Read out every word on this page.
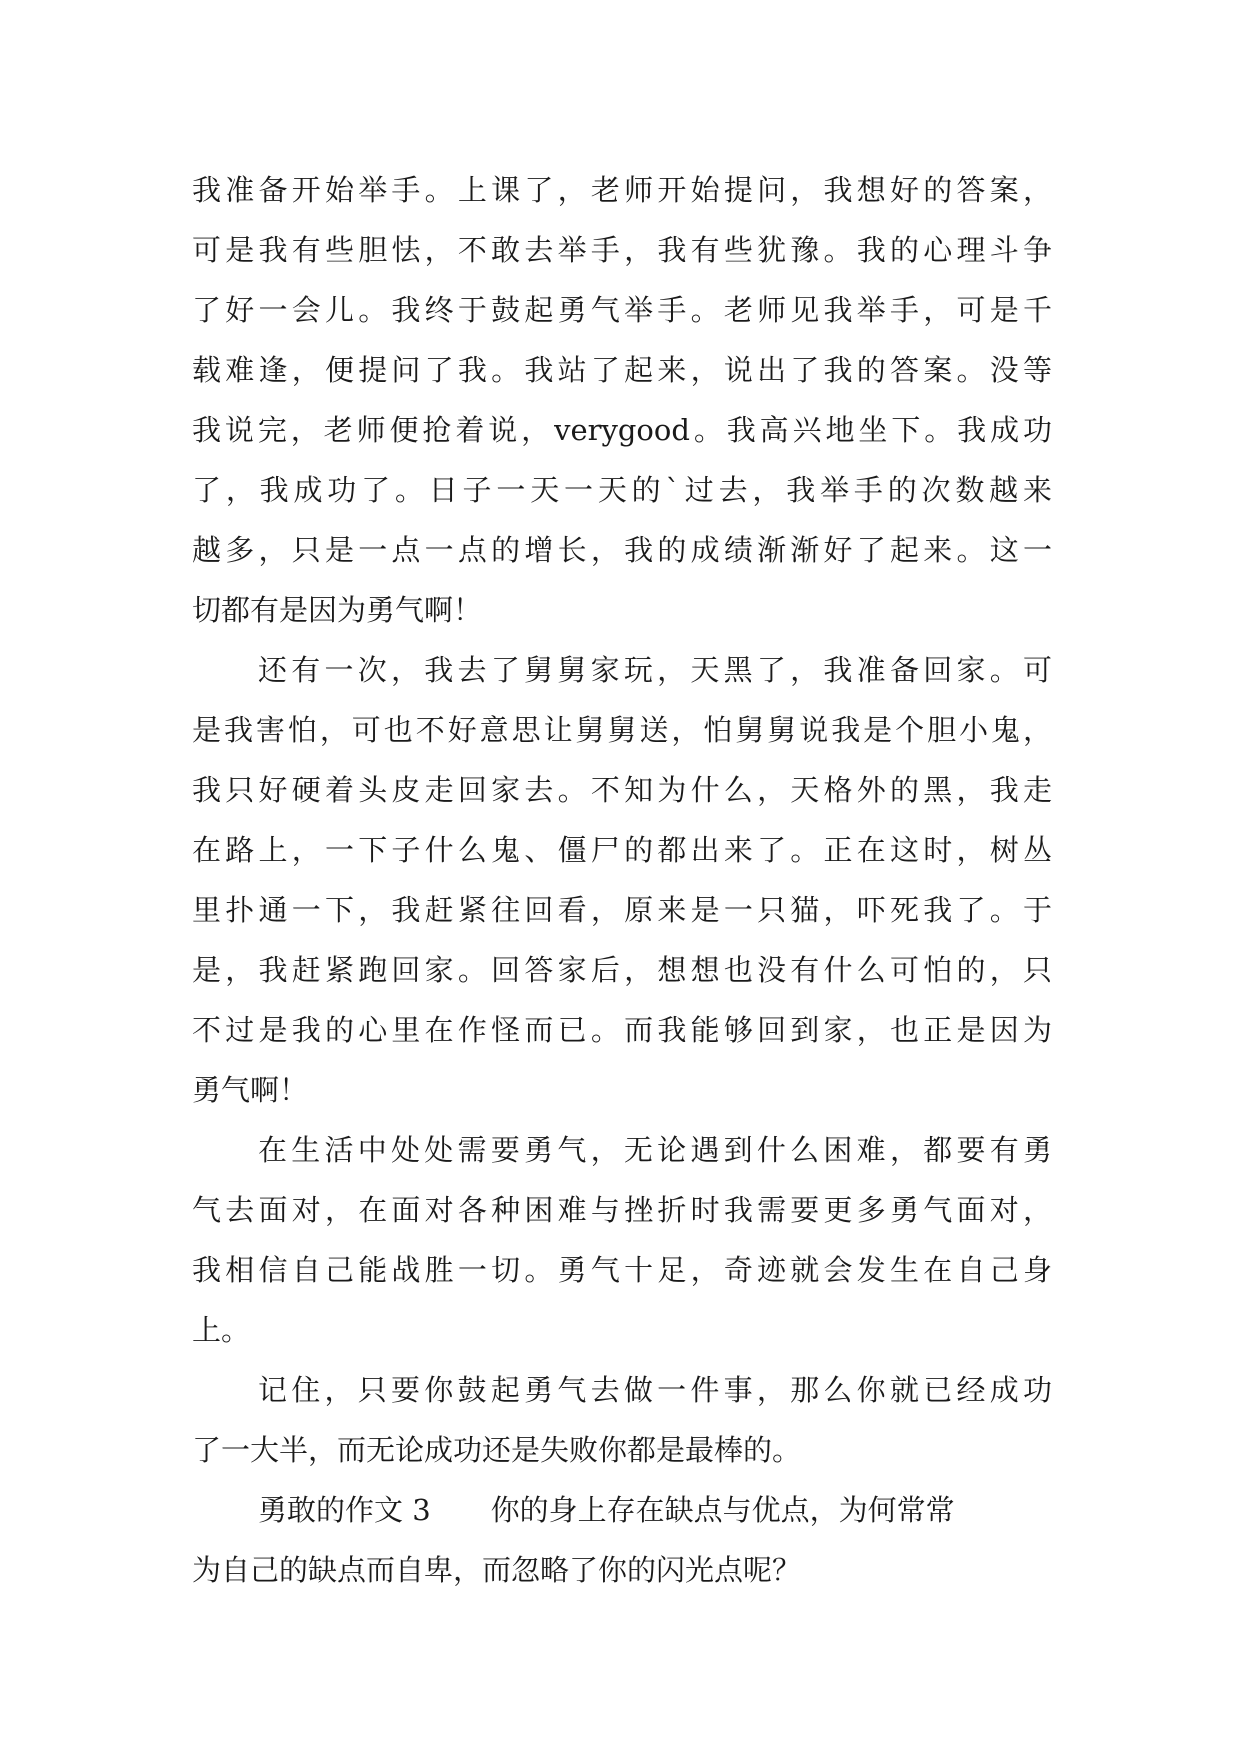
我准备开始举手。上课了，老师开始提问，我想好的答案，
可是我有些胆怯，不敢去举手，我有些犹豫。我的心理斗争
了好一会儿。我终于鼓起勇气举手。老师见我举手，可是千
载难逢，便提问了我。我站了起来，说出了我的答案。没等
我说完，老师便抢着说，verygood。我高兴地坐下。我成功
了，我成功了。日子一天一天的`过去，我举手的次数越来
越多，只是一点一点的增长，我的成绩渐渐好了起来。这一
切都有是因为勇气啊！
还有一次，我去了舅舅家玩，天黑了，我准备回家。可
是我害怕，可也不好意思让舅舅送，怕舅舅说我是个胆小鬼，
我只好硬着头皮走回家去。不知为什么，天格外的黑，我走
在路上，一下子什么鬼、僵尸的都出来了。正在这时，树丛
里扑通一下，我赶紧往回看，原来是一只猫，吓死我了。于
是，我赶紧跑回家。回答家后，想想也没有什么可怕的，只
不过是我的心里在作怪而已。而我能够回到家，也正是因为
勇气啊！
在生活中处处需要勇气，无论遇到什么困难，都要有勇
气去面对，在面对各种困难与挫折时我需要更多勇气面对，
我相信自己能战胜一切。勇气十足，奇迹就会发生在自己身
上。
记住，只要你鼓起勇气去做一件事，那么你就已经成功
了一大半，而无论成功还是失败你都是最棒的。
勇敢的作文 3 你的身上存在缺点与优点，为何常常
为自己的缺点而自卑，而忽略了你的闪光点呢？
